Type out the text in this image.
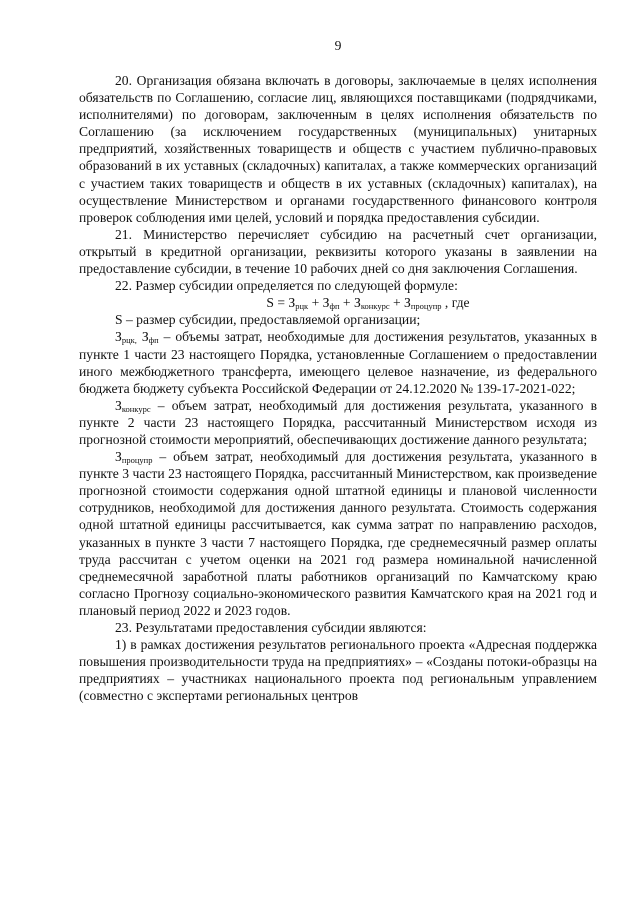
9

20. Организация обязана включать в договоры, заключаемые в целях исполнения обязательств по Соглашению, согласие лиц, являющихся поставщиками (подрядчиками, исполнителями) по договорам, заключенным в целях исполнения обязательств по Соглашению (за исключением государственных (муниципальных) унитарных предприятий, хозяйственных товариществ и обществ с участием публично-правовых образований в их уставных (складочных) капиталах, а также коммерческих организаций с участием таких товариществ и обществ в их уставных (складочных) капиталах), на осуществление Министерством и органами государственного финансового контроля проверок соблюдения ими целей, условий и порядка предоставления субсидии.

21. Министерство перечисляет субсидию на расчетный счет организации, открытый в кредитной организации, реквизиты которого указаны в заявлении на предоставление субсидии, в течение 10 рабочих дней со дня заключения Соглашения.

22. Размер субсидии определяется по следующей формуле:

$S = З_{рцк} + З_{фп} + З_{конкурс} + З_{процупр}$ , где

S – размер субсидии, предоставляемой организации;

$З_{рцк,}$ $З_{фп}$ – объемы затрат, необходимые для достижения результатов, указанных в пункте 1 части 23 настоящего Порядка, установленные Соглашением о предоставлении иного межбюджетного трансферта, имеющего целевое назначение, из федерального бюджета бюджету субъекта Российской Федерации от 24.12.2020 № 139-17-2021-022;

$З_{конкурс}$ – объем затрат, необходимый для достижения результата, указанного в пункте 2 части 23 настоящего Порядка, рассчитанный Министерством исходя из прогнозной стоимости мероприятий, обеспечивающих достижение данного результата;

$З_{процупр}$ – объем затрат, необходимый для достижения результата, указанного в пункте 3 части 23 настоящего Порядка, рассчитанный Министерством, как произведение прогнозной стоимости содержания одной штатной единицы и плановой численности сотрудников, необходимой для достижения данного результата. Стоимость содержания одной штатной единицы рассчитывается, как сумма затрат по направлению расходов, указанных в пункте 3 части 7 настоящего Порядка, где среднемесячный размер оплаты труда рассчитан с учетом оценки на 2021 год размера номинальной начисленной среднемесячной заработной платы работников организаций по Камчатскому краю согласно Прогнозу социально-экономического развития Камчатского края на 2021 год и плановый период 2022 и 2023 годов.

23. Результатами предоставления субсидии являются:

1) в рамках достижения результатов регионального проекта «Адресная поддержка повышения производительности труда на предприятиях» – «Созданы потоки-образцы на предприятиях – участниках национального проекта под региональным управлением (совместно с экспертами региональных центров
